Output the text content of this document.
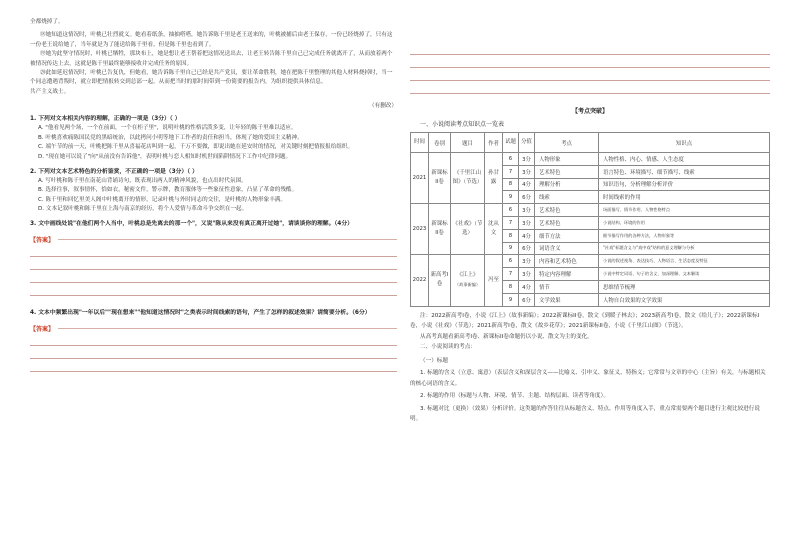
全都烧掉了。

⑱她知道这情况时，叶桃已壮烈就义。她看着纸条，抽抽嗒嗒，她告诉陈千里是老王送来的，叶桃被捕后由老王保存，一份已经烧掉了，只有这一份老王说给她了，当年就是为了能送给陈千里看，但是陈千里也看到了。

⑲她为此坚守情况时，叶桃已牺牲，那块布上，她是想让老王帮着把这情况送出去，让老王转告陈千里自己已完成任务就离开了，从而放着两个被情况传达上去，这就是陈千里最终能够接收并完成任务的原因。

⑳此如延迟情况时，叶桃已告复仇，但她看，她告诉陈千里自己已经是共产党员，要让革命胜利，她在把陈千里整理的其他人材料烧掉时，当一个同志遭遇背叛时，就立即把情报转交到总部一起。从而把当时的那时间带到一份简要的报告内，为组织提供具体信息。

共产主义战士。

（有删改）

1. 下列对文本相关内容的理解，正确的一项是（3分）（ ）

A. "他看见两个场，一个在前面，一个在柜子里"，说明叶桃的性格活泼多变，让年轻的陈千里难以适应。

B. 叶桃喜欢痛陈国民党的黑暗统治，以此拷问小明等地下工作者的责任和担当，体现了她的爱国主义精神。

C. 端午节的前一天，叶桃把陈千里从喜福花店叫到一起，千万不要做，即说出她在延安时的情况，对关键时刻把情报报给组织。

D. "现在她可以说了"向"从前没有告诉他"，表明叶桃与恋人相知时机世间陷阱情况下工作中纪律问题。

2. 下列对文本艺术特色的分析鉴赏，不正确的一项是（3分）（ ）

A. 写叶桃和陈千里在南花山背诵诗句，既表现出两人的精神风貌，也点出时代氛围。

B. 选择往事，叙事情怀，恰如衣，秘密文件，警示牌，教育服体等一些象征性意象，凸显了革命的残酷。

C. 陈千里和回忆里美人阁中叶桃离开的情形，记录叶桃与外时同志的交往，是叶桃的人物形象丰满。

D. 文本记叙叶桃和陈千里在上海与南京的经历，将个人爱情与革命斗争交织在一起。

3. 文中画线处说"在他们两个人当中，叶桃总是先离去的那一个"，又说"陈从来没有真正离开过她"，请谈谈你的理解。（4分）

【答案】

4. 文本中频繁出现"一年以后""现在想来""他知道这情况时"之类表示时间线索的语句，产生了怎样的叙述效果？请简要分析。（6分）

【答案】

【考点突破】

一、小说阅读考点知识点一览表

时间	卷别	题目	作者	试题	分值	考点	知识点
2021	新课标II卷	《千里江山图》（节选）	孙甘露	6	3分	人物形象	人物性格、内心、情感、人生态度
				7	3分	艺术特色	语言特色、环境描写、细节描写、线索
				8	4分	理解分析	知识语句，分析理解分析评价
				9	6分	线索	时间线索的作用
2023	新课标II卷	《社戏》（节选）	沈从文	6	3分	艺术特色	场面描写、情节作用、人物性格特点
				7	3分	艺术特色	小说结构、环境的作用
				8	4分	细节方法	细节描写作用的各种方法，人物形象等
				9	6分	词语含义	"社戏"标题含义与"戏中戏"结构的意义理解与分析
2022	新高考I卷	《江上》
（故事新编）	冯至	6	3分	内容和艺术特色	小说的叙述视角、表达技巧、人物语言、生活态度及特征
				7	3分	特定内容理解	小说中特定词语、句子的含义、加深理解、文本解读
				8	4分	情节	思维情节梳理
				9	6分	文学效果	人物自白效果的文学效果

注：2022新高考I卷，小说《江上》（故事新编）；2022新课标II卷，散文《到暖子林去》；2023新高考I卷，散文《给儿子》；2022新课标I卷，小说《社戏》（节选）；2021新高考I卷，散文《故乡花草》；2021新课标II卷，小说《千里江山图》（节选）。

从高考真题看新高考I卷、新课标II卷命题仍以小说、散文为主的变化。

二、小说阅读的考点：

（一）标题

1. 标题的含义（立意、寓意）（表层含义和深层含义——比喻义、引申义、象征义、特指义；它常常与文章的中心（主旨）有关，与标题相关的核心词语的含义。

2. 标题的作用（标题与人物、环境、情节、主题、结构层面、读者等角度）。

3. 标题对比（更换）（效果）分析评价。这类题的作答往往从标题含义、特点、作用等角度入手，重点常需要两个题目进行主观比较进行说明。
